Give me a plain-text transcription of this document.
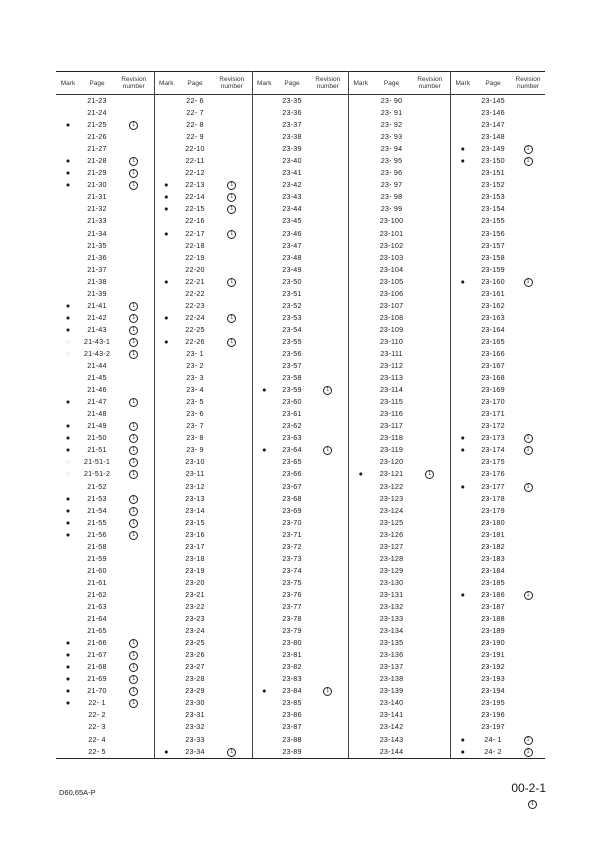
Mark	Page	Revision number	Mark	Page	Revision number	Mark	Page	Revision number	Mark	Page	Revision number	Mark	Page	Revision number
	21-23			22- 6			23-35			23- 90			23-145	
	21-24			22- 7			23-36			23- 91			23-146	
●	21-25	1		22- 8			23-37			23- 92			23-147	
	21-26			22- 9			23-38			23- 93			23-148	
	21-27			22-10			23-39			23- 94		●	23-149	1
●	21-28	1		22-11			23-40			23- 95		●	23-150	1
●	21-29	1		22-12			23-41			23- 96			23-151	
●	21-30	1	●	22-13	1		23-42			23- 97			23-152	
	21-31		●	22-14	1		23-43			23- 98			23-153	
	21-32		●	22-15	1		23-44			23- 99			23-154	
	21-33			22-16			23-45			23-100			23-155	
	21-34		●	22-17	1		23-46			23-101			23-156	
	21-35			22-18			23-47			23-102			23-157	
	21-36			22-19			23-48			23-103			23-158	
	21-37			22-20			23-49			23-104			23-159	
	21-38		●	22-21	1		23-50			23-105		●	23-160	1
	21-39			22-22			23-51			23-106			23-161	
●	21-41	1		22-23			23-52			23-107			23-162	
●	21-42	1	●	22-24	1		23-53			23-108			23-163	
●	21-43	1		22-25			23-54			23-109			23-164	
○	21-43-1	1	●	22-26	1		23-55			23-110			23-165	
○	21-43-2	1		23- 1			23-56			23-111			23-166	
	21-44			23- 2			23-57			23-112			23-167	
	21-45			23- 3			23-58			23-113			23-168	
	21-46			23- 4		●	23-59	1		23-114			23-169	
●	21-47	1		23- 5			23-60			23-115			23-170	
	21-48			23- 6			23-61			23-116			23-171	
●	21-49	1		23- 7			23-62			23-117			23-172	
●	21-50	1		23- 8			23-63			23-118		●	23-173	1
●	21-51	1		23- 9		●	23-64	1		23-119		●	23-174	1
○	21-51-1	1		23-10			23-65			23-120			23-175	
○	21-51-2	1		23-11			23-66		●	23-121	1		23-176	
	21-52			23-12			23-67			23-122		●	23-177	1
●	21-53	1		23-13			23-68			23-123			23-178	
●	21-54	1		23-14			23-69			23-124			23-179	
●	21-55	1		23-15			23-70			23-125			23-180	
●	21-56	1		23-16			23-71			23-126			23-181	
	21-58			23-17			23-72			23-127			23-182	
	21-59			23-18			23-73			23-128			23-183	
	21-60			23-19			23-74			23-129			23-184	
	21-61			23-20			23-75			23-130			23-185	
	21-62			23-21			23-76			23-131		●	23-186	1
	21-63			23-22			23-77			23-132			23-187	
	21-64			23-23			23-78			23-133			23-188	
	21-65			23-24			23-79			23-134			23-189	
●	21-66	1		23-25			23-80			23-135			23-190	
●	21-67	1		23-26			23-81			23-136			23-191	
●	21-68	1		23-27			23-82			23-137			23-192	
●	21-69	1		23-28			23-83			23-138			23-193	
●	21-70	1		23-29		●	23-84	1		23-139			23-194	
●	22- 1	1		23-30			23-85			23-140			23-195	
	22- 2			23-31			23-86			23-141			23-196	
	22- 3			23-32			23-87			23-142			23-197	
	22- 4			23-33			23-88			23-143		●	24- 1	1
	22- 5		●	23-34	1		23-89			23-144		●	24- 2	1
D60,65A-P	00-2-1
1
